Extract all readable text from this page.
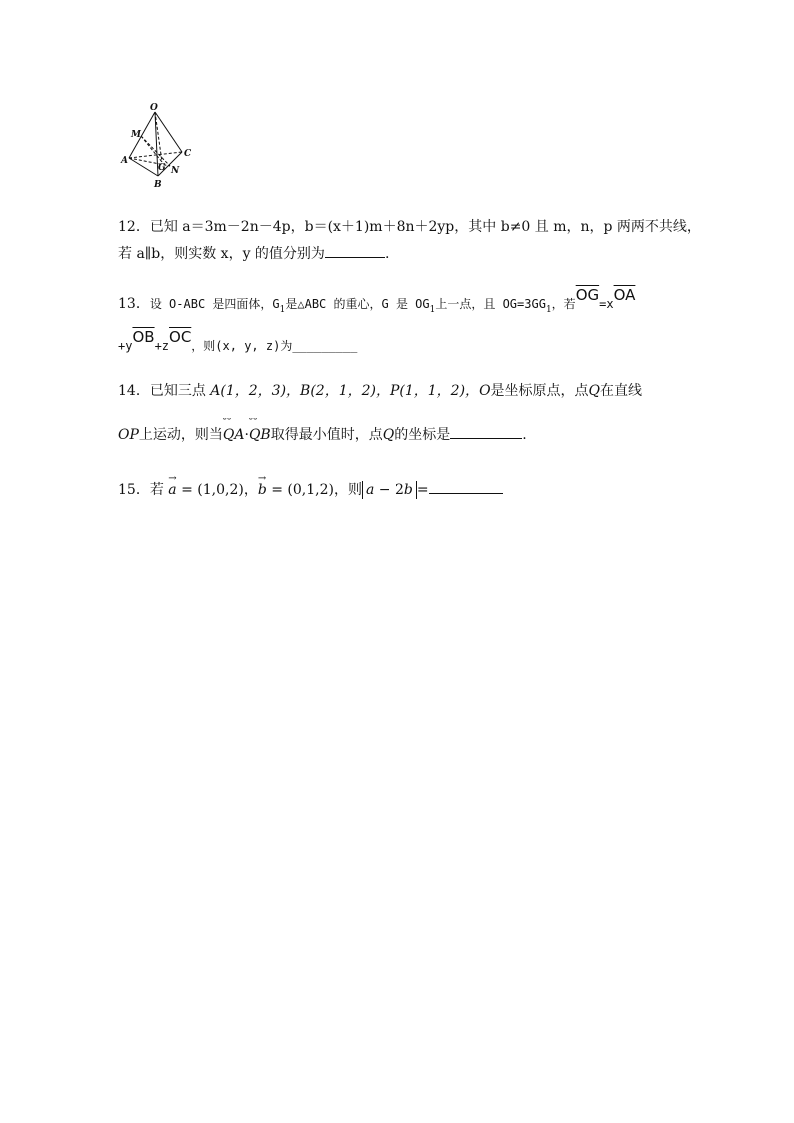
O
M
A
C
G N
B
12．已知 a＝3m－2n－4p，b＝(x＋1)m＋8n＋2yp，其中 b≠0 且 m，n，p 两两不共线，
若 a∥b，则实数 x，y 的值分别为	.
13．设 O-ABC 是四面体，$G_1$是△ABC 的重心，G 是 $OG_1$上一点，且 $OG=3GG_1$，若$\overline{OG}=x\overline{OA}$
$+y\overline{OB}+z\overline{OC}$，则(x, y, z)为_________
14．已知三点 A(1，2，3)，B(2，1，2)，P(1，1，2)，O是坐标原点，点Q在直线
OP上运动，则当˘˘ QA·˘˘ QB取得最小值时，点Q的坐标是	.
15．若 → a = (1,0,2)，→ b = (0,1,2)，则 a − 2b =
